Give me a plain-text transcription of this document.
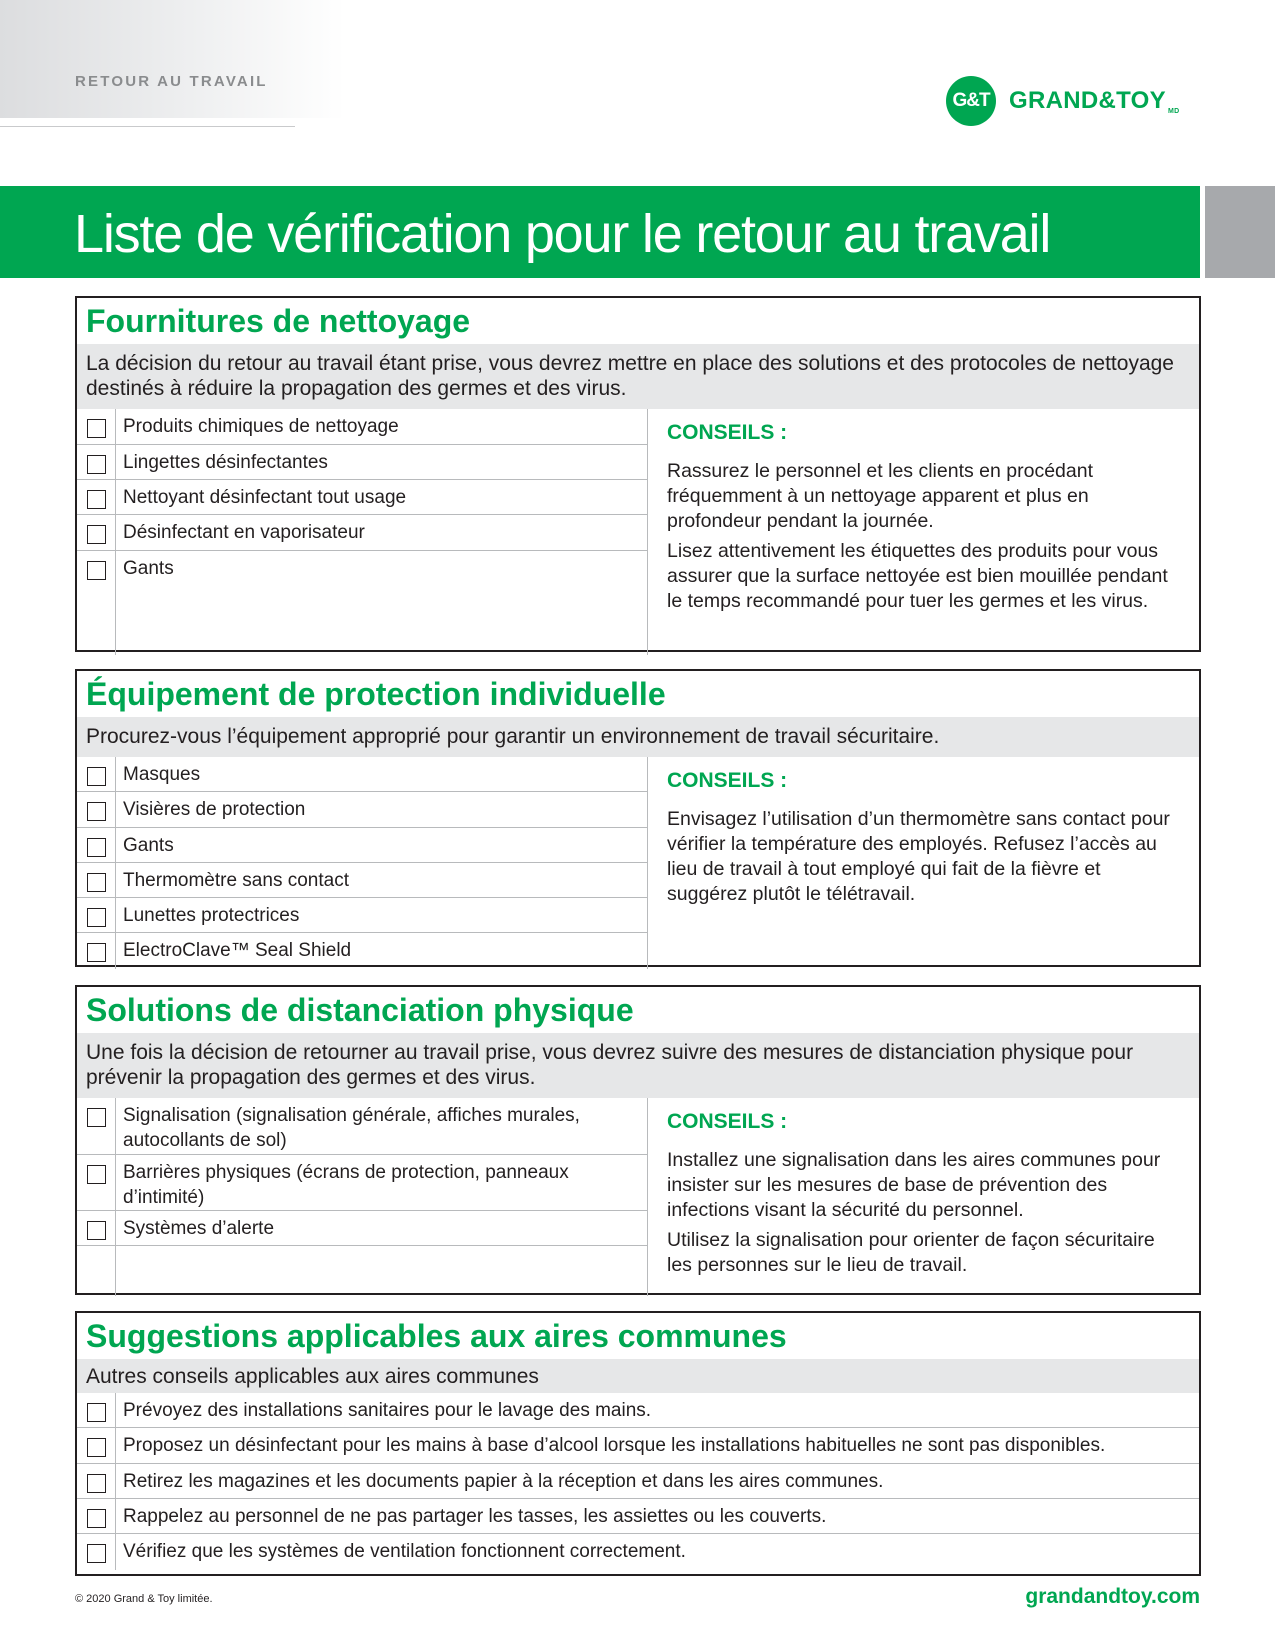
RETOUR AU TRAVAIL
G&T GRAND&TOY MD
Liste de vérification pour le retour au travail
Fournitures de nettoyage
La décision du retour au travail étant prise, vous devrez mettre en place des solutions et des protocoles de nettoyage destinés à réduire la propagation des germes et des virus.
Produits chimiques de nettoyage
Lingettes désinfectantes
Nettoyant désinfectant tout usage
Désinfectant en vaporisateur
Gants
CONSEILS :

Rassurez le personnel et les clients en procédant fréquemment à un nettoyage apparent et plus en profondeur pendant la journée.

Lisez attentivement les étiquettes des produits pour vous assurer que la surface nettoyée est bien mouillée pendant le temps recommandé pour tuer les germes et les virus.

Équipement de protection individuelle
Procurez-vous l’équipement approprié pour garantir un environnement de travail sécuritaire.
Masques
Visières de protection
Gants
Thermomètre sans contact
Lunettes protectrices
ElectroClave™ Seal Shield
CONSEILS :

Envisagez l’utilisation d’un thermomètre sans contact pour vérifier la température des employés. Refusez l’accès au lieu de travail à tout employé qui fait de la fièvre et suggérez plutôt le télétravail.

Solutions de distanciation physique
Une fois la décision de retourner au travail prise, vous devrez suivre des mesures de distanciation physique pour prévenir la propagation des germes et des virus.
Signalisation (signalisation générale, affiches murales, autocollants de sol)
Barrières physiques (écrans de protection, panneaux d’intimité)
Systèmes d’alerte
CONSEILS :

Installez une signalisation dans les aires communes pour insister sur les mesures de base de prévention des infections visant la sécurité du personnel.

Utilisez la signalisation pour orienter de façon sécuritaire les personnes sur le lieu de travail.

Suggestions applicables aux aires communes
Autres conseils applicables aux aires communes
Prévoyez des installations sanitaires pour le lavage des mains.
Proposez un désinfectant pour les mains à base d’alcool lorsque les installations habituelles ne sont pas disponibles.
Retirez les magazines et les documents papier à la réception et dans les aires communes.
Rappelez au personnel de ne pas partager les tasses, les assiettes ou les couverts.
Vérifiez que les systèmes de ventilation fonctionnent correctement.
© 2020 Grand & Toy limitée.	grandandtoy.com
